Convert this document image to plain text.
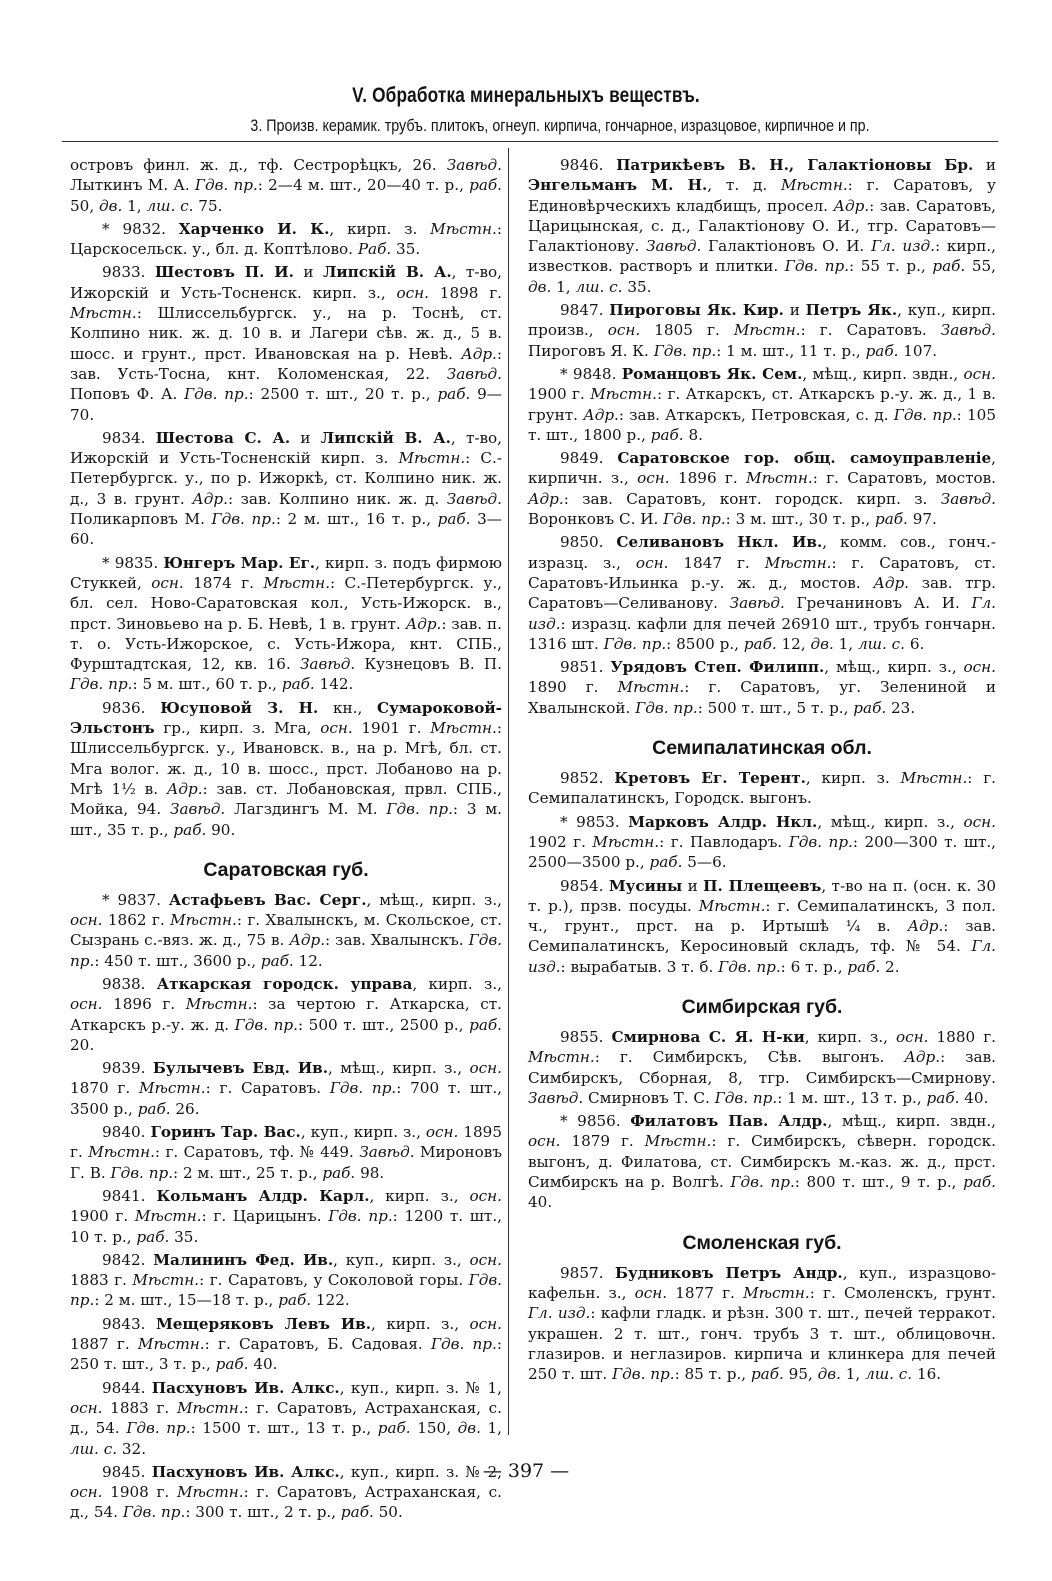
V. Обработка минеральныхъ веществъ.
3. Произв. керамик. трубъ. плитокъ, огнеуп. кирпича, гончарное, изразцовое, кирпичное и пр.

островъ финл. ж. д., тф. Сестрорѣцкъ, 26. Завѣд. Лыткинъ М. А. Гдв. пр.: 2—4 м. шт., 20—40 т. р., раб. 50, дв. 1, лш. с. 75.

* 9832. Харченко И. К., кирп. з. Мѣстн.: Царскосельск. у., бл. д. Коптѣлово. Раб. 35.

9833. Шестовъ П. И. и Липскій В. А., т-во, Ижорскій и Усть-Тосненск. кирп. з., осн. 1898 г. Мѣстн.: Шлиссельбургск. у., на р. Тоснѣ, ст. Колпино ник. ж. д. 10 в. и Лагери сѣв. ж. д., 5 в. шосс. и грунт., прст. Ивановская на р. Невѣ. Адр.: зав. Усть-Тосна, кнт. Коломенская, 22. Завѣд. Поповъ Ф. А. Гдв. пр.: 2500 т. шт., 20 т. р., раб. 9—70.

9834. Шестова С. А. и Липскій В. А., т-во, Ижорскій и Усть-Тосненскій кирп. з. Мѣстн.: С.-Петербургск. у., по р. Ижоркѣ, ст. Колпино ник. ж. д., 3 в. грунт. Адр.: зав. Колпино ник. ж. д. Завѣд. Поликарповъ М. Гдв. пр.: 2 м. шт., 16 т. р., раб. 3—60.

* 9835. Юнгеръ Мар. Ег., кирп. з. подъ фирмою Стуккей, осн. 1874 г. Мѣстн.: С.-Петербургск. у., бл. сел. Ново-Саратовская кол., Усть-Ижорск. в., прст. Зиновьево на р. Б. Невѣ, 1 в. грунт. Адр.: зав. п. т. о. Усть-Ижорское, с. Усть-Ижора, кнт. СПБ., Фурштадтская, 12, кв. 16. Завѣд. Кузнецовъ В. П. Гдв. пр.: 5 м. шт., 60 т. р., раб. 142.

9836. Юсуповой З. Н. кн., Сумароковой-Эльстонъ гр., кирп. з. Мга, осн. 1901 г. Мѣстн.: Шлиссельбургск. у., Ивановск. в., на р. Мгѣ, бл. ст. Мга волог. ж. д., 10 в. шосс., прст. Лобаново на р. Мгѣ 1½ в. Адр.: зав. ст. Лобановская, првл. СПБ., Мойка, 94. Завѣд. Лагздингъ М. М. Гдв. пр.: 3 м. шт., 35 т. р., раб. 90.

Саратовская губ.

* 9837. Астафьевъ Вас. Серг., мѣщ., кирп. з., осн. 1862 г. Мѣстн.: г. Хвалынскъ, м. Скольское, ст. Сызрань с.-вяз. ж. д., 75 в. Адр.: зав. Хвалынскъ. Гдв. пр.: 450 т. шт., 3600 р., раб. 12.

9838. Аткарская городск. управа, кирп. з., осн. 1896 г. Мѣстн.: за чертою г. Аткарска, ст. Аткарскъ р.-у. ж. д. Гдв. пр.: 500 т. шт., 2500 р., раб. 20.

9839. Булычевъ Евд. Ив., мѣщ., кирп. з., осн. 1870 г. Мѣстн.: г. Саратовъ. Гдв. пр.: 700 т. шт., 3500 р., раб. 26.

9840. Горинъ Тар. Вас., куп., кирп. з., осн. 1895 г. Мѣстн.: г. Саратовъ, тф. № 449. Завѣд. Мироновъ Г. В. Гдв. пр.: 2 м. шт., 25 т. р., раб. 98.

9841. Кольманъ Алдр. Карл., кирп. з., осн. 1900 г. Мѣстн.: г. Царицынъ. Гдв. пр.: 1200 т. шт., 10 т. р., раб. 35.

9842. Малининъ Фед. Ив., куп., кирп. з., осн. 1883 г. Мѣстн.: г. Саратовъ, у Соколовой горы. Гдв. пр.: 2 м. шт., 15—18 т. р., раб. 122.

9843. Мещеряковъ Левъ Ив., кирп. з., осн. 1887 г. Мѣстн.: г. Саратовъ, Б. Садовая. Гдв. пр.: 250 т. шт., 3 т. р., раб. 40.

9844. Пасхуновъ Ив. Алкс., куп., кирп. з. № 1, осн. 1883 г. Мѣстн.: г. Саратовъ, Астраханская, с. д., 54. Гдв. пр.: 1500 т. шт., 13 т. р., раб. 150, дв. 1, лш. с. 32.

9845. Пасхуновъ Ив. Алкс., куп., кирп. з. № 2, осн. 1908 г. Мѣстн.: г. Саратовъ, Астраханская, с. д., 54. Гдв. пр.: 300 т. шт., 2 т. р., раб. 50.

9846. Патрикѣевъ В. Н., Галактіоновы Бр. и Энгельманъ М. Н., т. д. Мѣстн.: г. Саратовъ, у Единовѣрческихъ кладбищъ, просел. Адр.: зав. Саратовъ, Царицынская, с. д., Галактіонову О. И., тгр. Саратовъ—Галактіонову. Завѣд. Галактіоновъ О. И. Гл. изд.: кирп., известков. растворъ и плитки. Гдв. пр.: 55 т. р., раб. 55, дв. 1, лш. с. 35.

9847. Пироговы Як. Кир. и Петръ Як., куп., кирп. произв., осн. 1805 г. Мѣстн.: г. Саратовъ. Завѣд. Пироговъ Я. К. Гдв. пр.: 1 м. шт., 11 т. р., раб. 107.

* 9848. Романцовъ Як. Сем., мѣщ., кирп. звдн., осн. 1900 г. Мѣстн.: г. Аткарскъ, ст. Аткарскъ р.-у. ж. д., 1 в. грунт. Адр.: зав. Аткарскъ, Петровская, с. д. Гдв. пр.: 105 т. шт., 1800 р., раб. 8.

9849. Саратовское гор. общ. самоуправленіе, кирпичн. з., осн. 1896 г. Мѣстн.: г. Саратовъ, мостов. Адр.: зав. Саратовъ, конт. городск. кирп. з. Завѣд. Воронковъ С. И. Гдв. пр.: 3 м. шт., 30 т. р., раб. 97.

9850. Селивановъ Нкл. Ив., комм. сов., гонч.-изразц. з., осн. 1847 г. Мѣстн.: г. Саратовъ, ст. Саратовъ-Ильинка р.-у. ж. д., мостов. Адр. зав. тгр. Саратовъ—Селиванову. Завѣд. Гречаниновъ А. И. Гл. изд.: изразц. кафли для печей 26910 шт., трубъ гончарн. 1316 шт. Гдв. пр.: 8500 р., раб. 12, дв. 1, лш. с. 6.

9851. Урядовъ Степ. Филипп., мѣщ., кирп. з., осн. 1890 г. Мѣстн.: г. Саратовъ, уг. Зелениной и Хвалынской. Гдв. пр.: 500 т. шт., 5 т. р., раб. 23.

Семипалатинская обл.

9852. Кретовъ Ег. Терент., кирп. з. Мѣстн.: г. Семипалатинскъ, Городск. выгонъ.

* 9853. Марковъ Алдр. Нкл., мѣщ., кирп. з., осн. 1902 г. Мѣстн.: г. Павлодаръ. Гдв. пр.: 200—300 т. шт., 2500—3500 р., раб. 5—6.

9854. Мусины и П. Плещеевъ, т-во на п. (осн. к. 30 т. р.), прзв. посуды. Мѣстн.: г. Семипалатинскъ, 3 пол. ч., грунт., прст. на р. Иртышѣ ¼ в. Адр.: зав. Семипалатинскъ, Керосиновый складъ, тф. № 54. Гл. изд.: вырабатыв. 3 т. б. Гдв. пр.: 6 т. р., раб. 2.

Симбирская губ.

9855. Смирнова С. Я. Н-ки, кирп. з., осн. 1880 г. Мѣстн.: г. Симбирскъ, Сѣв. выгонъ. Адр.: зав. Симбирскъ, Сборная, 8, тгр. Симбирскъ—Смирнову. Завѣд. Смирновъ Т. С. Гдв. пр.: 1 м. шт., 13 т. р., раб. 40.

* 9856. Филатовъ Пав. Алдр., мѣщ., кирп. звдн., осн. 1879 г. Мѣстн.: г. Симбирскъ, сѣверн. городск. выгонъ, д. Филатова, ст. Симбирскъ м.-каз. ж. д., прст. Симбирскъ на р. Волгѣ. Гдв. пр.: 800 т. шт., 9 т. р., раб. 40.

Смоленская губ.

9857. Будниковъ Петръ Андр., куп., изразцово-кафельн. з., осн. 1877 г. Мѣстн.: г. Смоленскъ, грунт. Гл. изд.: кафли гладк. и рѣзн. 300 т. шт., печей терракот. украшен. 2 т. шт., гонч. трубъ 3 т. шт., облицовочн. глазиров. и неглазиров. кирпича и клинкера для печей 250 т. шт. Гдв. пр.: 85 т. р., раб. 95, дв. 1, лш. с. 16.

— 397 —
